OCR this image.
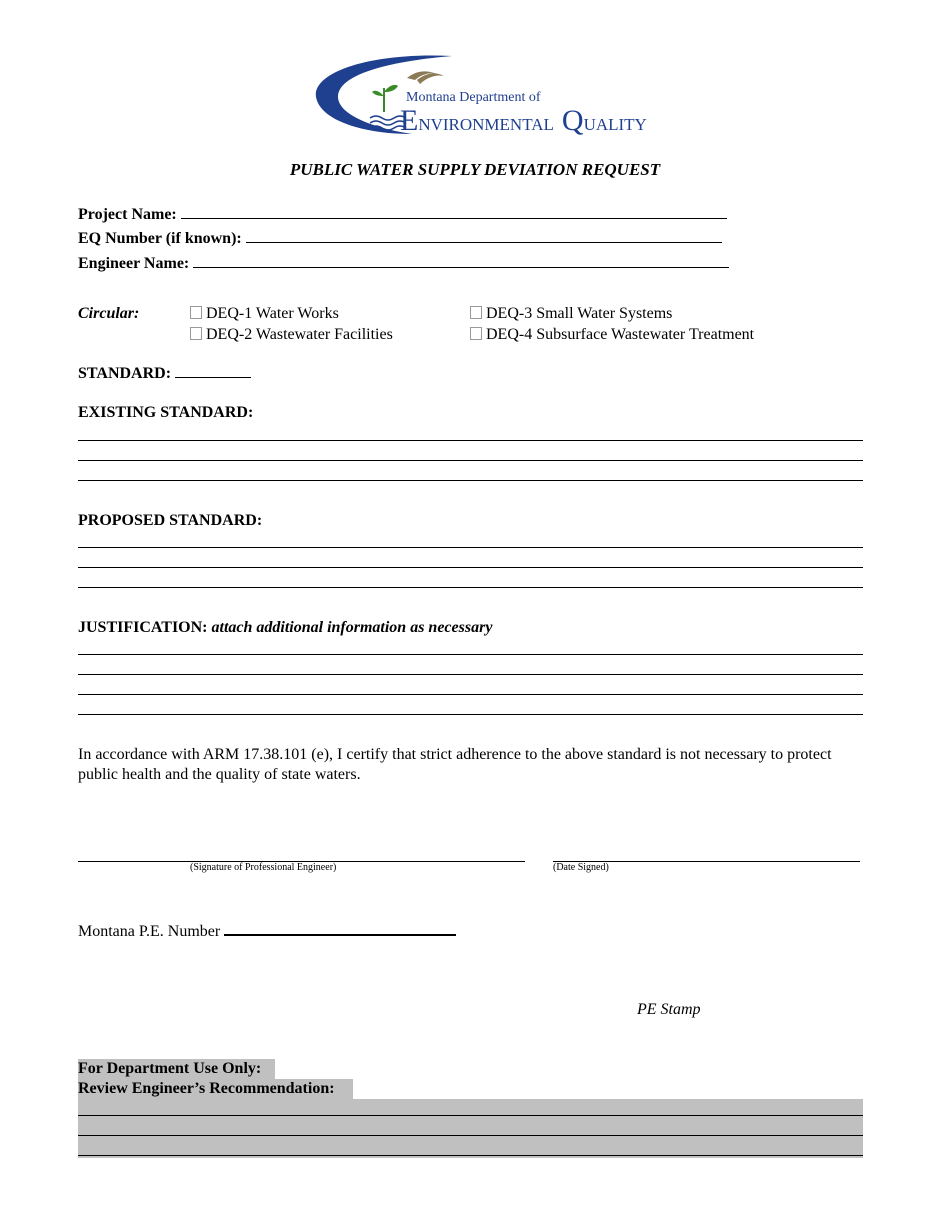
Montana Department of
ENVIRONMENTAL QUALITY
PUBLIC WATER SUPPLY DEVIATION REQUEST
Project Name:
EQ Number (if known):
Engineer Name:
Circular:	DEQ-1 Water Works
DEQ-2 Wastewater Facilities
DEQ-3 Small Water Systems
DEQ-4 Subsurface Wastewater Treatment
STANDARD:
EXISTING STANDARD:
PROPOSED STANDARD:
JUSTIFICATION: attach additional information as necessary
In accordance with ARM 17.38.101 (e), I certify that strict adherence to the above standard is not necessary to protect public health and the quality of state waters.
(Signature of Professional Engineer)	(Date Signed)
Montana P.E. Number
PE Stamp
For Department Use Only:
Review Engineer’s Recommendation:
